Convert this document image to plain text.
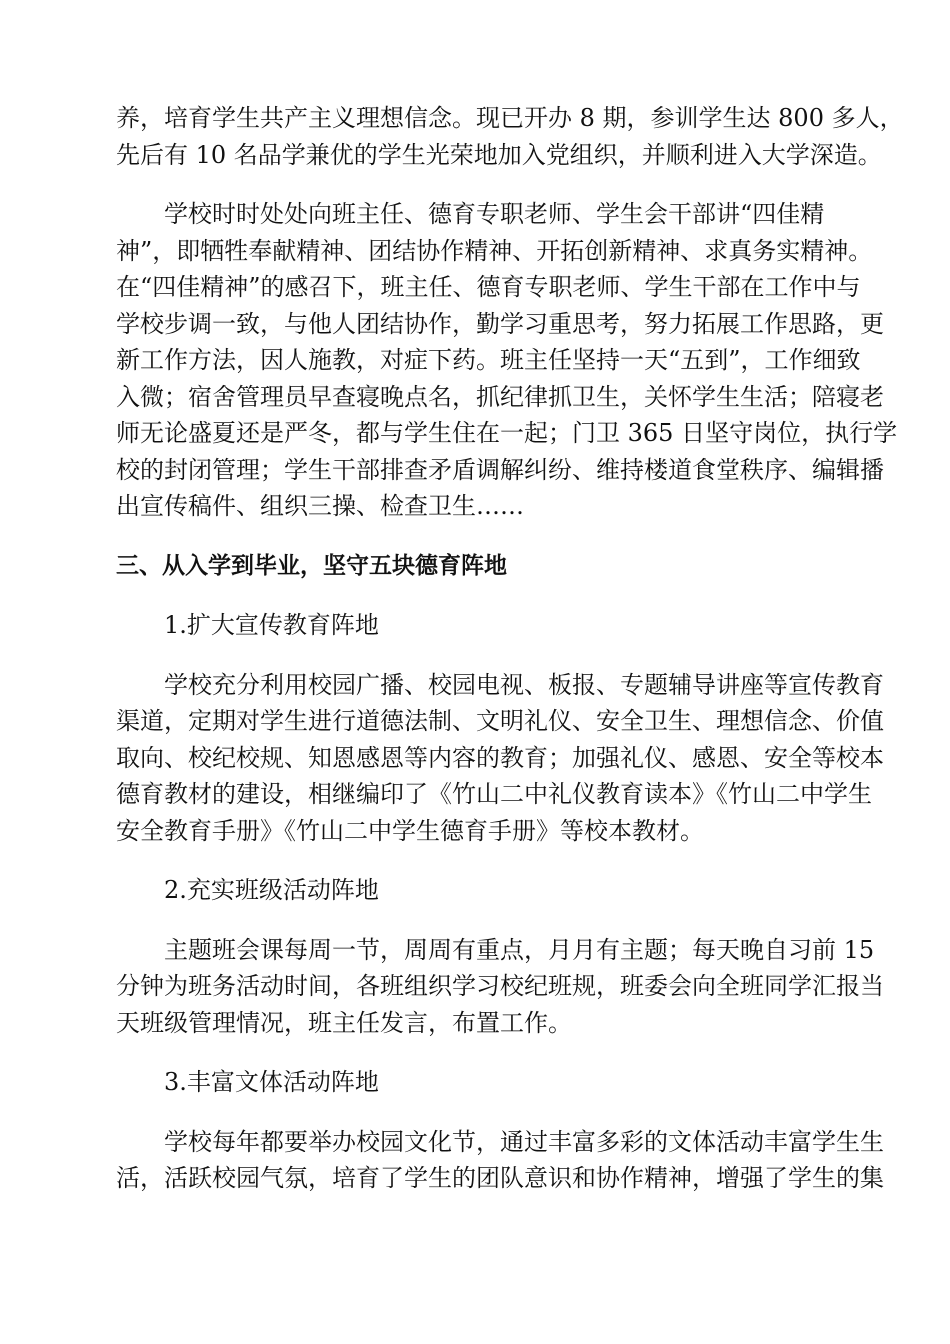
养，培育学生共产主义理想信念。现已开办 8 期，参训学生达 800 多人，
先后有 10 名品学兼优的学生光荣地加入党组织，并顺利进入大学深造。

学校时时处处向班主任、德育专职老师、学生会干部讲“四佳精
神”，即牺牲奉献精神、团结协作精神、开拓创新精神、求真务实精神。
在“四佳精神”的感召下，班主任、德育专职老师、学生干部在工作中与
学校步调一致，与他人团结协作，勤学习重思考，努力拓展工作思路，更
新工作方法，因人施教，对症下药。班主任坚持一天“五到”，工作细致
入微；宿舍管理员早查寝晚点名，抓纪律抓卫生，关怀学生生活；陪寝老
师无论盛夏还是严冬，都与学生住在一起；门卫 365 日坚守岗位，执行学
校的封闭管理；学生干部排查矛盾调解纠纷、维持楼道食堂秩序、编辑播
出宣传稿件、组织三操、检查卫生……

三、从入学到毕业，坚守五块德育阵地

1.扩大宣传教育阵地

学校充分利用校园广播、校园电视、板报、专题辅导讲座等宣传教育
渠道，定期对学生进行道德法制、文明礼仪、安全卫生、理想信念、价值
取向、校纪校规、知恩感恩等内容的教育；加强礼仪、感恩、安全等校本
德育教材的建设，相继编印了《竹山二中礼仪教育读本》《竹山二中学生
安全教育手册》《竹山二中学生德育手册》等校本教材。

2.充实班级活动阵地

主题班会课每周一节，周周有重点，月月有主题；每天晚自习前 15
分钟为班务活动时间，各班组织学习校纪班规，班委会向全班同学汇报当
天班级管理情况，班主任发言，布置工作。

3.丰富文体活动阵地

学校每年都要举办校园文化节，通过丰富多彩的文体活动丰富学生生
活，活跃校园气氛，培育了学生的团队意识和协作精神，增强了学生的集
